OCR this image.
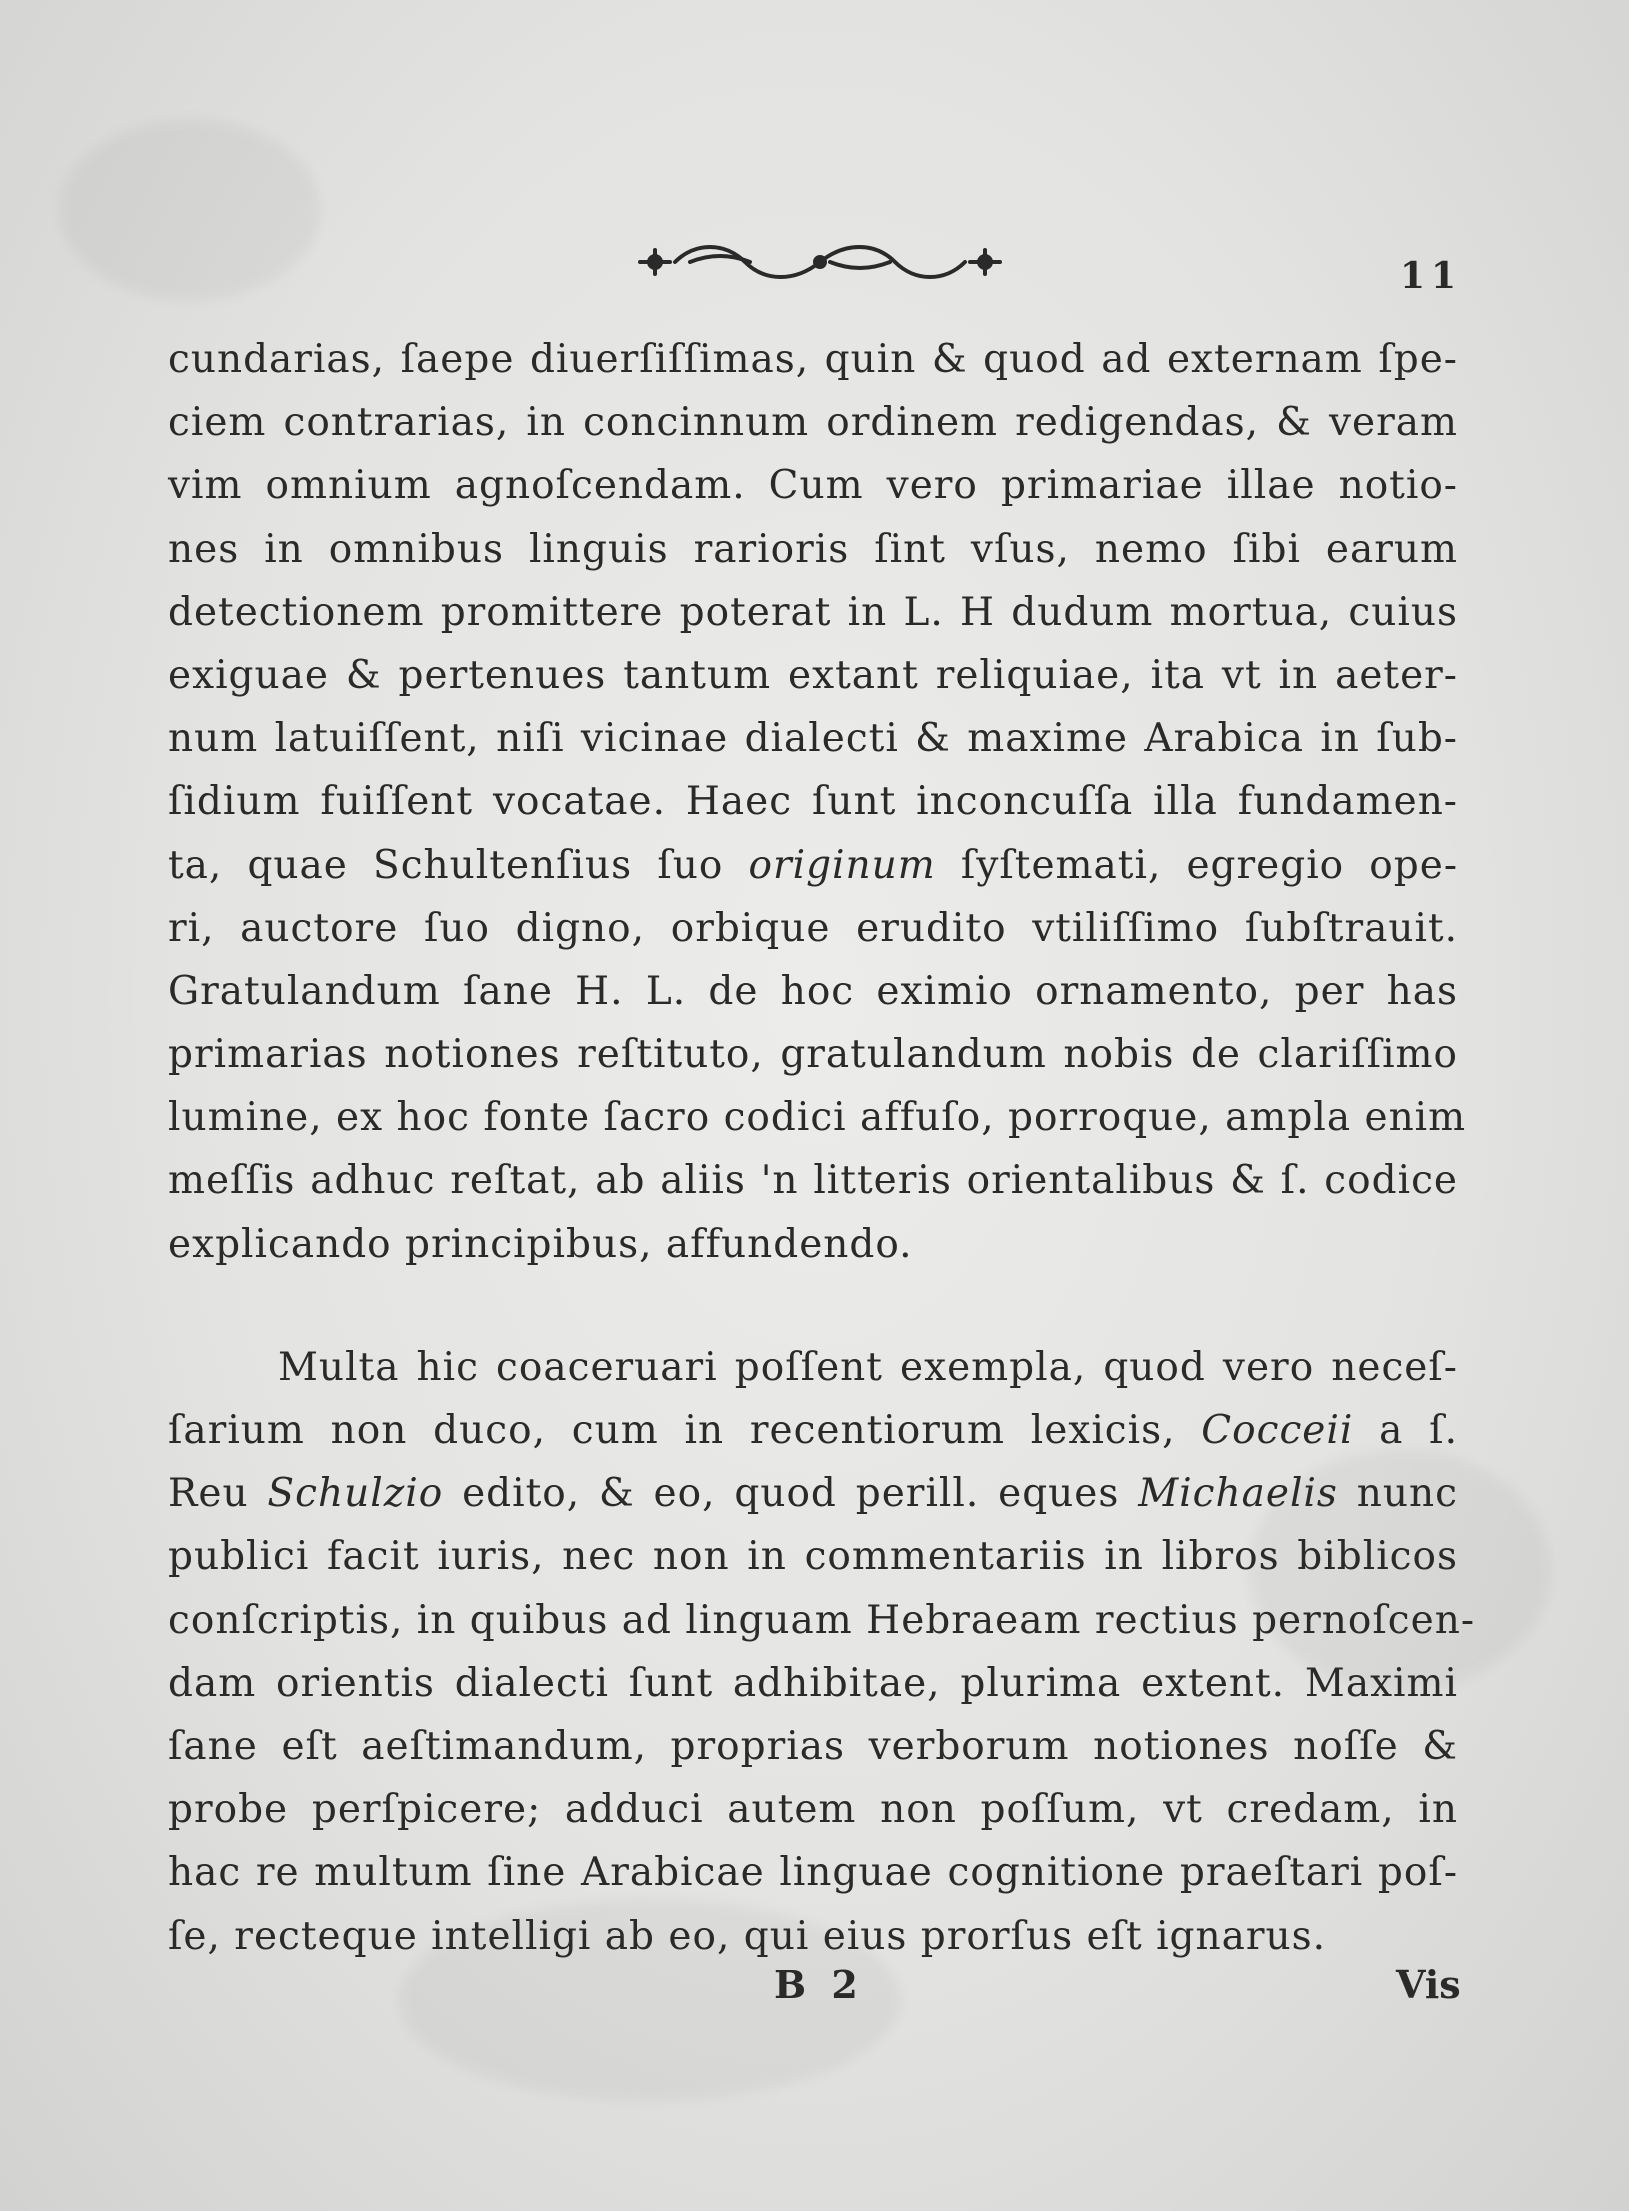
11
cundarias, ſaepe diuerſiſſimas, quin & quod ad externam ſpe-
ciem contrarias, in concinnum ordinem redigendas, & veram
vim omnium agnoſcendam. Cum vero primariae illae notio-
nes in omnibus linguis rarioris ſint vſus, nemo ſibi earum
detectionem promittere poterat in L. H dudum mortua, cuius
exiguae & pertenues tantum extant reliquiae, ita vt in aeter-
num latuiſſent, niſi vicinae dialecti & maxime Arabica in ſub-
ſidium fuiſſent vocatae. Haec ſunt inconcuſſa illa fundamen-
ta, quae Schultenſius ſuo originum ſyſtemati, egregio ope-
ri, auctore ſuo digno, orbique erudito vtiliſſimo ſubſtrauit.
Gratulandum ſane H. L. de hoc eximio ornamento, per has
primarias notiones reſtituto, gratulandum nobis de clariſſimo
lumine, ex hoc fonte ſacro codici affuſo, porroque, ampla enim
meſſis adhuc reſtat, ab aliis 'n litteris orientalibus & ſ. codice
explicando principibus, affundendo.
Multa hic coaceruari poſſent exempla, quod vero neceſ-
ſarium non duco, cum in recentiorum lexicis, Coccеii a ſ.
Reu Schulzio edito, & eo, quod perill. eques Michaelis nunc
publici facit iuris, nec non in commentariis in libros biblicos
conſcriptis, in quibus ad linguam Hebraeam rectius pernoſcen-
dam orientis dialecti ſunt adhibitae, plurima extent. Maximi
ſane eſt aeſtimandum, proprias verborum notiones noſſe &
probe perſpicere; adduci autem non poſſum, vt credam, in
hac re multum ſine Arabicae linguae cognitione praeſtari poſ-
ſe, recteque intelligi ab eo, qui eius prorſus eſt ignarus.
B 2	Vis
